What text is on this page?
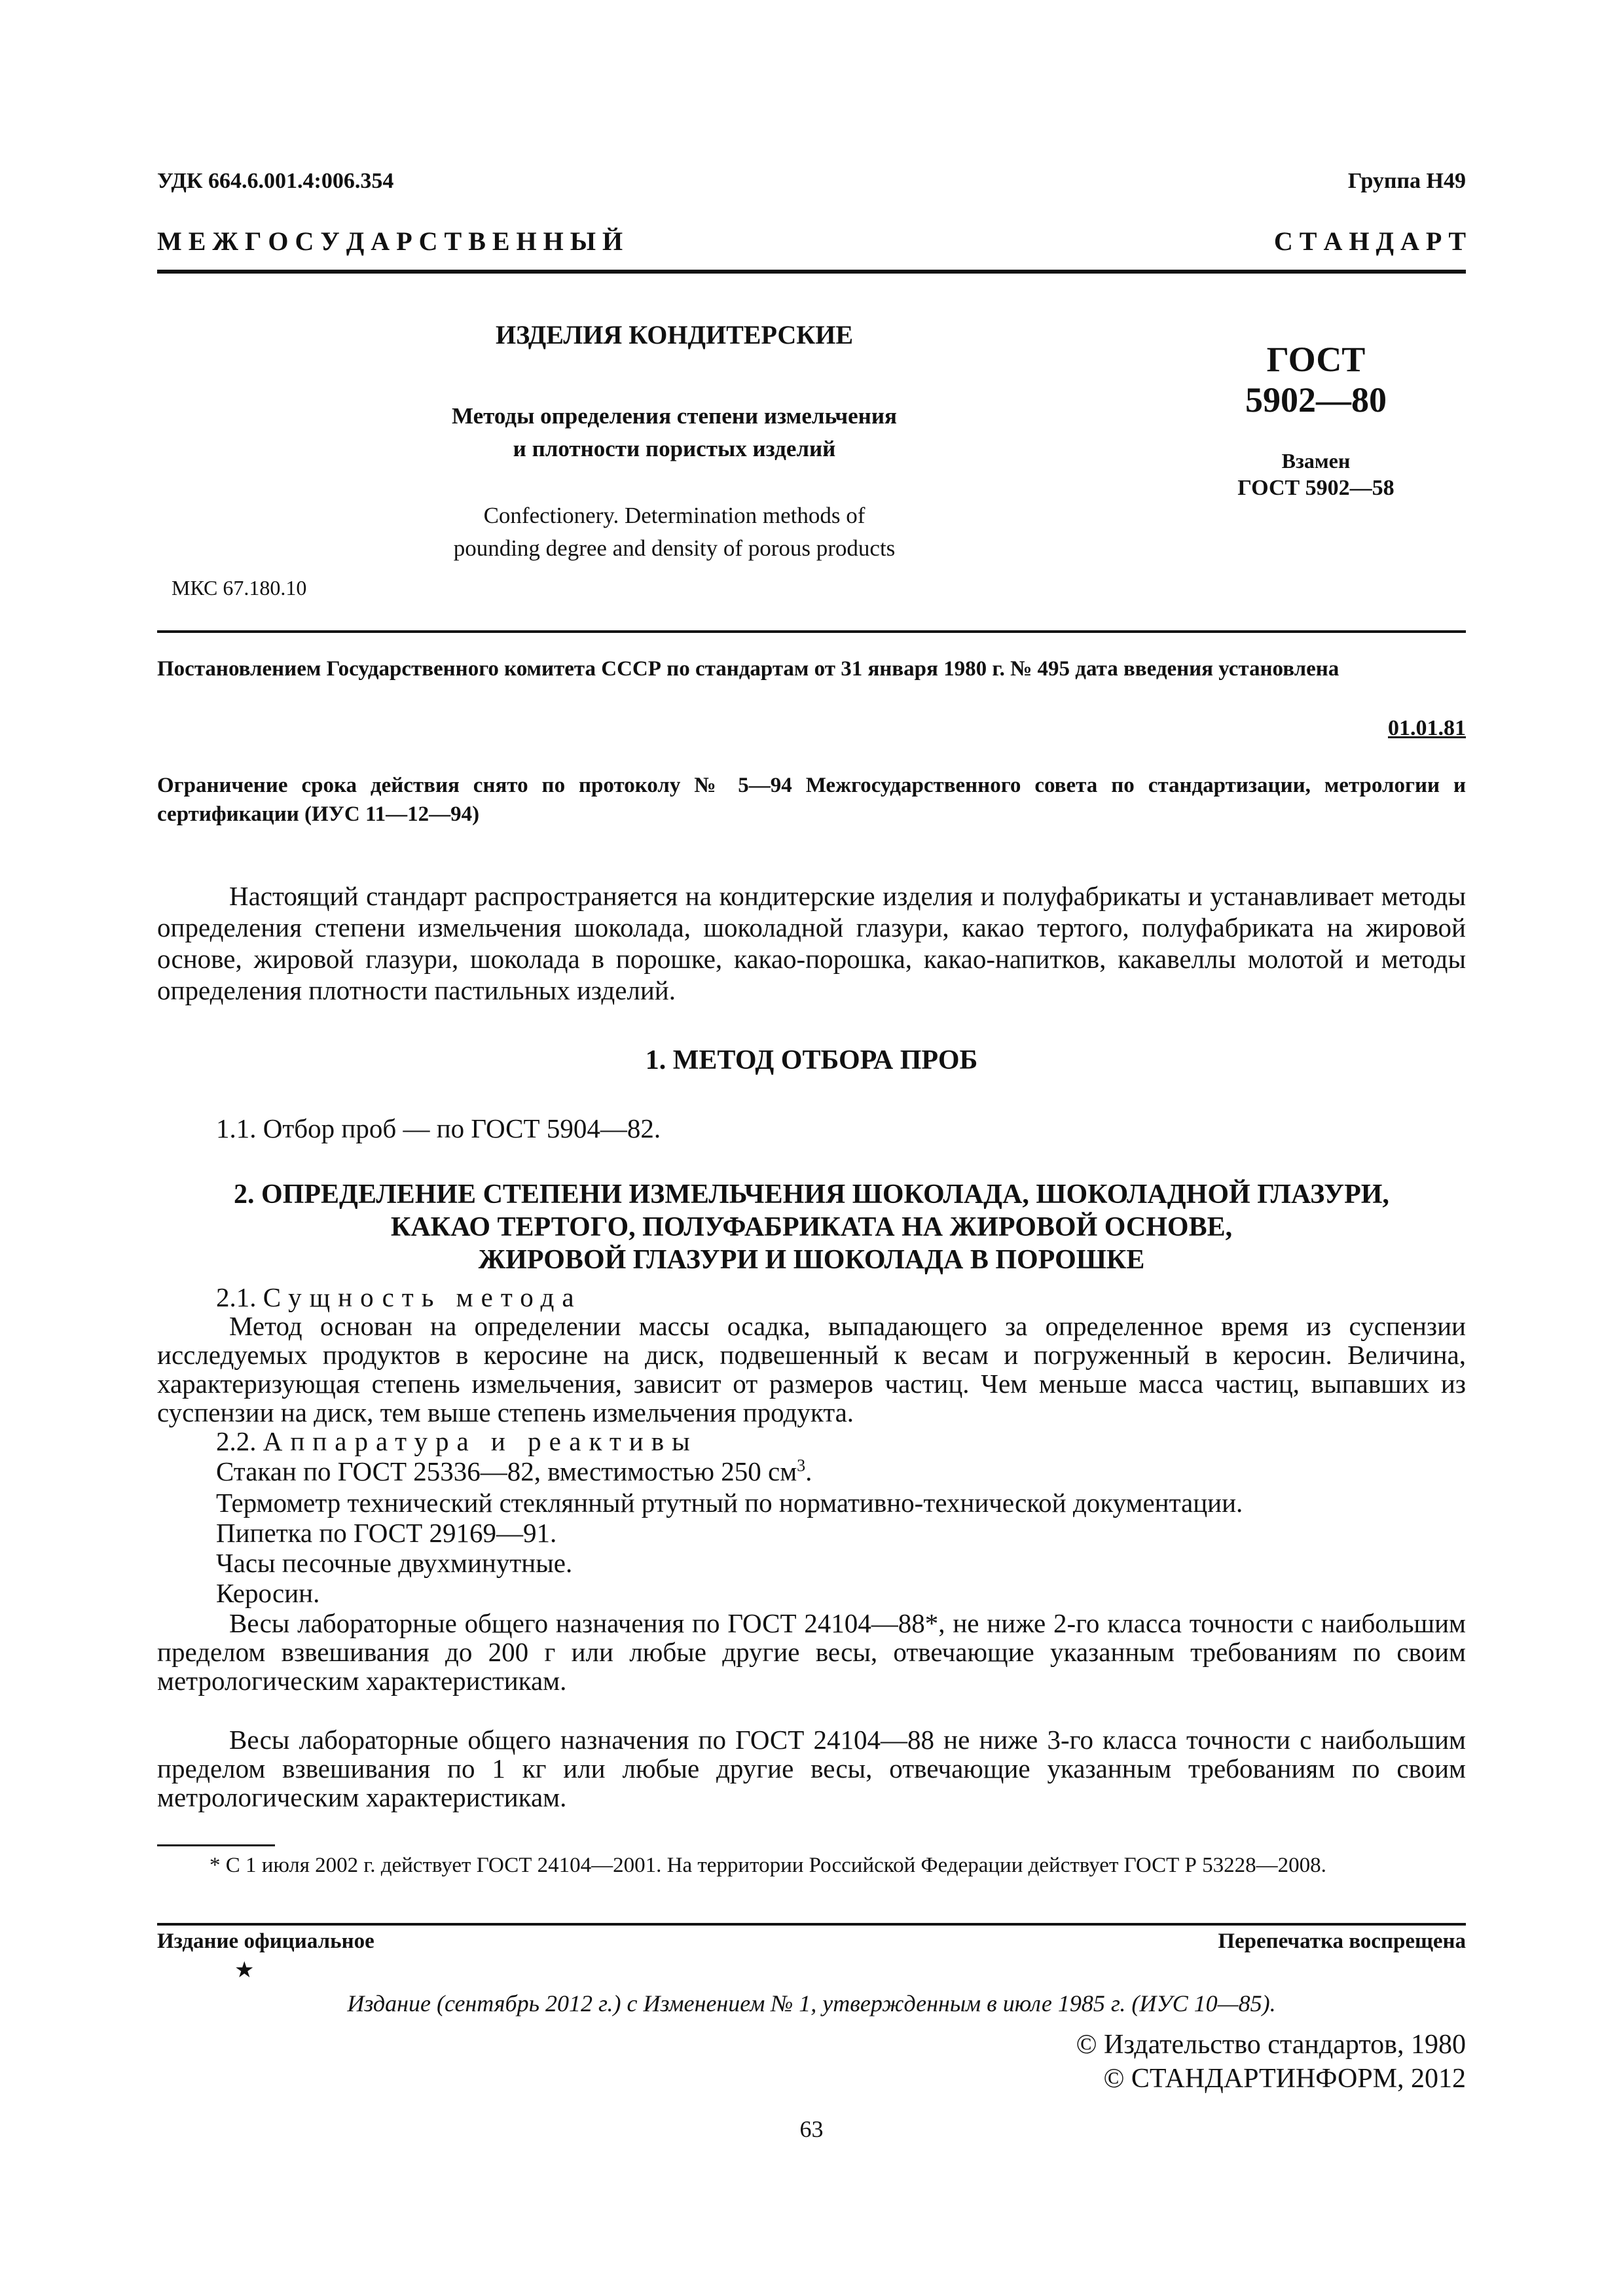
УДК 664.6.001.4:006.354	Группа Н49
М Е Ж Г О С У Д А Р С Т В Е Н Н Ы Й	С Т А Н Д А Р Т
ИЗДЕЛИЯ КОНДИТЕРСКИЕ
Методы определения степени измельчения
и плотности пористых изделий
Confectionery. Determination methods of
pounding degree and density of porous products
ГОСТ
5902—80
Взамен
ГОСТ 5902—58
МКС 67.180.10
Постановлением Государственного комитета СССР по стандартам от 31 января 1980 г. № 495 дата введения установлена
01.01.81
Ограничение срока действия снято по протоколу № 5—94 Межгосударственного совета по стандартизации, метрологии и сертификации (ИУС 11—12—94)
Настоящий стандарт распространяется на кондитерские изделия и полуфабрикаты и устанавливает методы определения степени измельчения шоколада, шоколадной глазури, какао тертого, полуфабриката на жировой основе, жировой глазури, шоколада в порошке, какао-порошка, какао-напитков, какавеллы молотой и методы определения плотности пастильных изделий.
1. МЕТОД ОТБОРА ПРОБ
1.1. Отбор проб — по ГОСТ 5904—82.
2. ОПРЕДЕЛЕНИЕ СТЕПЕНИ ИЗМЕЛЬЧЕНИЯ ШОКОЛАДА, ШОКОЛАДНОЙ ГЛАЗУРИ,
КАКАО ТЕРТОГО, ПОЛУФАБРИКАТА НА ЖИРОВОЙ ОСНОВЕ,
ЖИРОВОЙ ГЛАЗУРИ И ШОКОЛАДА В ПОРОШКЕ
2.1. Сущность метода
Метод основан на определении массы осадка, выпадающего за определенное время из суспензии исследуемых продуктов в керосине на диск, подвешенный к весам и погруженный в керосин. Величина, характеризующая степень измельчения, зависит от размеров частиц. Чем меньше масса частиц, выпавших из суспензии на диск, тем выше степень измельчения продукта.
2.2. Аппаратура и реактивы
Стакан по ГОСТ 25336—82, вместимостью 250 $см^3$.
Термометр технический стеклянный ртутный по нормативно-технической документации.
Пипетка по ГОСТ 29169—91.
Часы песочные двухминутные.
Керосин.
Весы лабораторные общего назначения по ГОСТ 24104—88*, не ниже 2-го класса точности с наибольшим пределом взвешивания до 200 г или любые другие весы, отвечающие указанным требованиям по своим метрологическим характеристикам.
Весы лабораторные общего назначения по ГОСТ 24104—88 не ниже 3-го класса точности с наибольшим пределом взвешивания по 1 кг или любые другие весы, отвечающие указанным требованиям по своим метрологическим характеристикам.
* С 1 июля 2002 г. действует ГОСТ 24104—2001. На территории Российской Федерации действует ГОСТ Р 53228—2008.
Издание официальное	Перепечатка воспрещена
★
Издание (сентябрь 2012 г.) с Изменением № 1, утвержденным в июле 1985 г. (ИУС 10—85).
© Издательство стандартов, 1980
© СТАНДАРТИНФОРМ, 2012
63
